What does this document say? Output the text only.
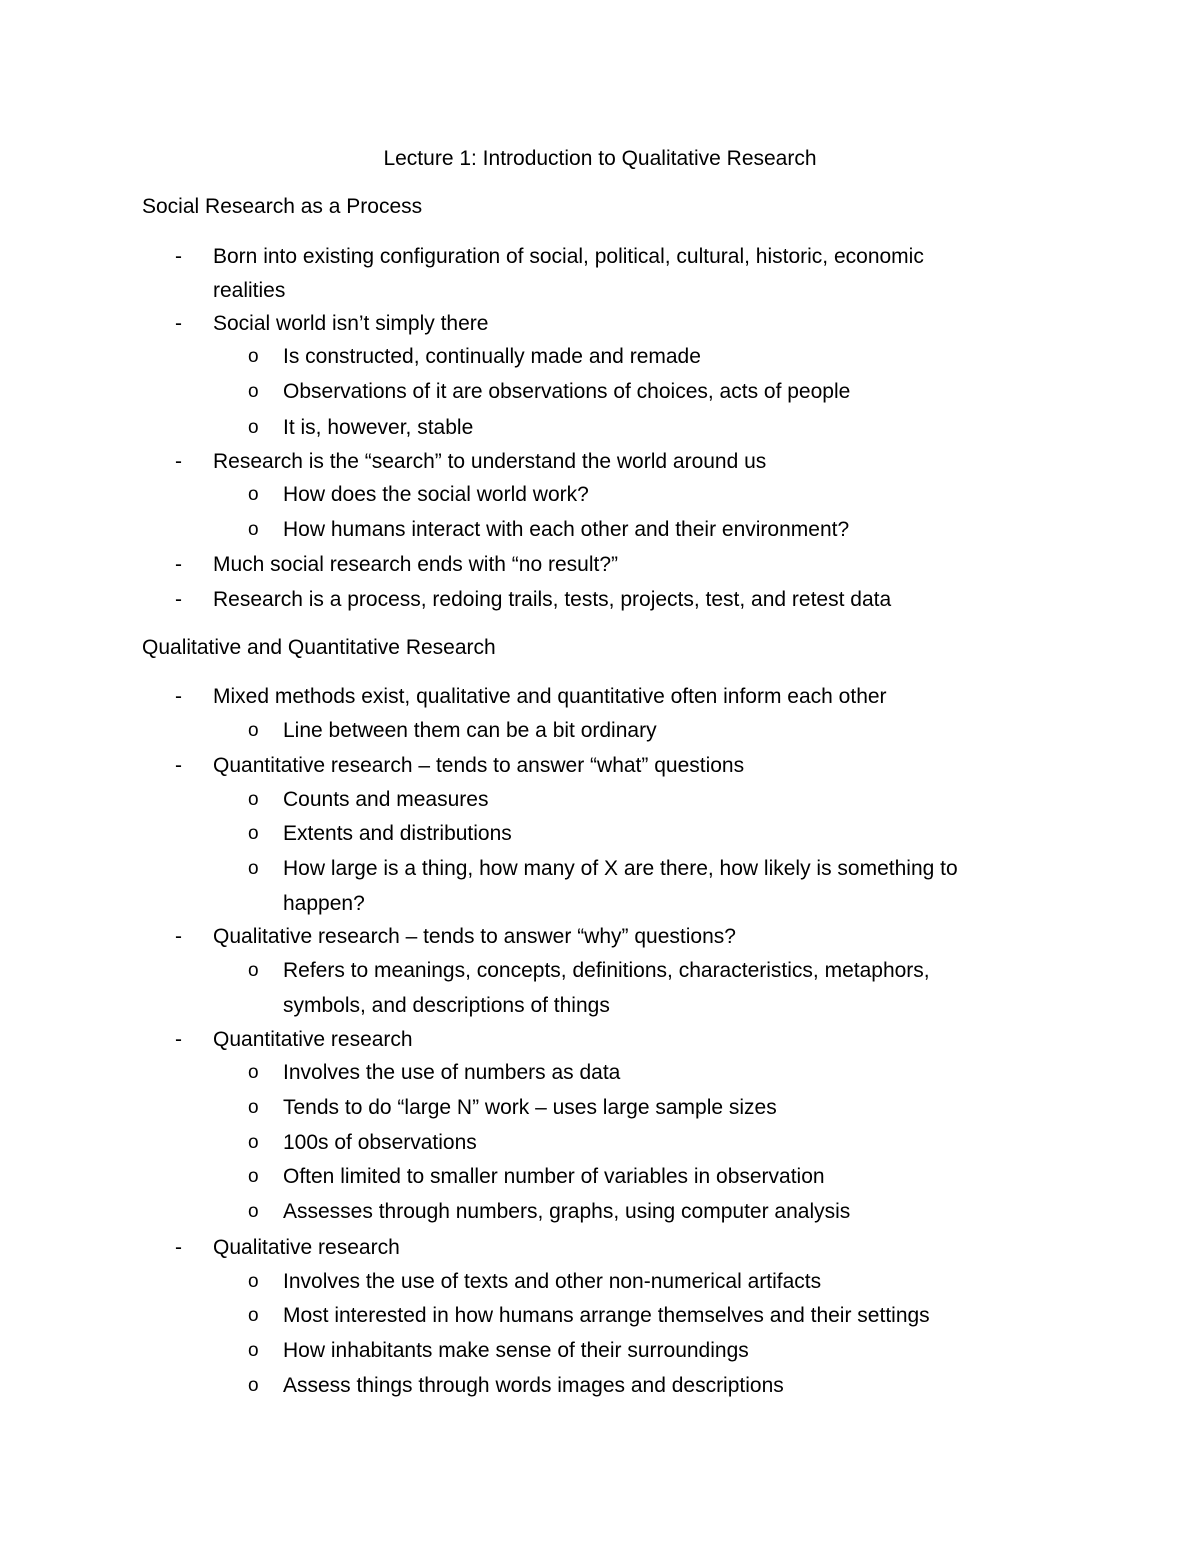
Lecture 1: Introduction to Qualitative Research
Social Research as a Process
- Born into existing configuration of social, political, cultural, historic, economic
realities
- Social world isn’t simply there
o Is constructed, continually made and remade
o Observations of it are observations of choices, acts of people
o It is, however, stable
- Research is the “search” to understand the world around us
o How does the social world work?
o How humans interact with each other and their environment?
- Much social research ends with “no result?”
- Research is a process, redoing trails, tests, projects, test, and retest data
Qualitative and Quantitative Research
- Mixed methods exist, qualitative and quantitative often inform each other
o Line between them can be a bit ordinary
- Quantitative research – tends to answer “what” questions
o Counts and measures
o Extents and distributions
o How large is a thing, how many of X are there, how likely is something to
happen?
- Qualitative research – tends to answer “why” questions?
o Refers to meanings, concepts, definitions, characteristics, metaphors,
symbols, and descriptions of things
- Quantitative research
o Involves the use of numbers as data
o Tends to do “large N” work – uses large sample sizes
o 100s of observations
o Often limited to smaller number of variables in observation
o Assesses through numbers, graphs, using computer analysis
- Qualitative research
o Involves the use of texts and other non-numerical artifacts
o Most interested in how humans arrange themselves and their settings
o How inhabitants make sense of their surroundings
o Assess things through words images and descriptions
